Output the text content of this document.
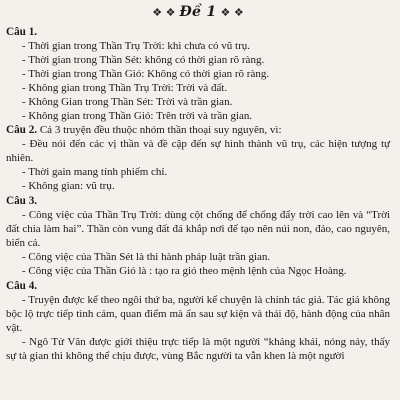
❖ ❖ Đề 1 ❖ ❖
Câu 1.
- Thời gian trong Thần Trụ Trời: khi chưa có vũ trụ.
- Thời gian trong Thần Sét: không có thời gian rõ ràng.
- Thời gian trong Thần Gió: Không có thời gian rõ ràng.
- Không gian trong Thần Trụ Trời: Trời và đất.
- Không Gian trong Thần Sét: Trời và trần gian.
- Không gian trong Thần Gió: Trên trời và trần gian.
Câu 2. Cả 3 truyện đều thuộc nhóm thần thoại suy nguyên, vì:
- Đều nói đến các vị thần và đề cập đến sự hình thành vũ trụ, các hiện tượng tự nhiên.
- Thời gain mang tính phiếm chỉ.
- Không gian: vũ trụ.
Câu 3.
- Công việc của Thần Trụ Trời: dùng cột chống để chống đẩy trời cao lên và “Trời đất chia làm hai”. Thần còn vung đất đá khắp nơi để tạo nên núi non, đảo, cao nguyên, biển cả.
- Công việc của Thần Sét là thi hành pháp luật trần gian.
- Công việc của Thần Gió là : tạo ra gió theo mệnh lệnh của Ngọc Hoàng.
Câu 4.
- Truyện được kể theo ngôi thứ ba, người kể chuyện là chính tác giả. Tác giả không bộc lộ trực tiếp tình cảm, quan điểm mà ẩn sau sự kiện và thái độ, hành động của nhân vật.
- Ngô Tử Văn được giới thiệu trực tiếp là một người “khảng khái, nóng nảy, thấy sự tà gian thì không thể chịu được, vùng Bắc người ta vẫn khen là một người
